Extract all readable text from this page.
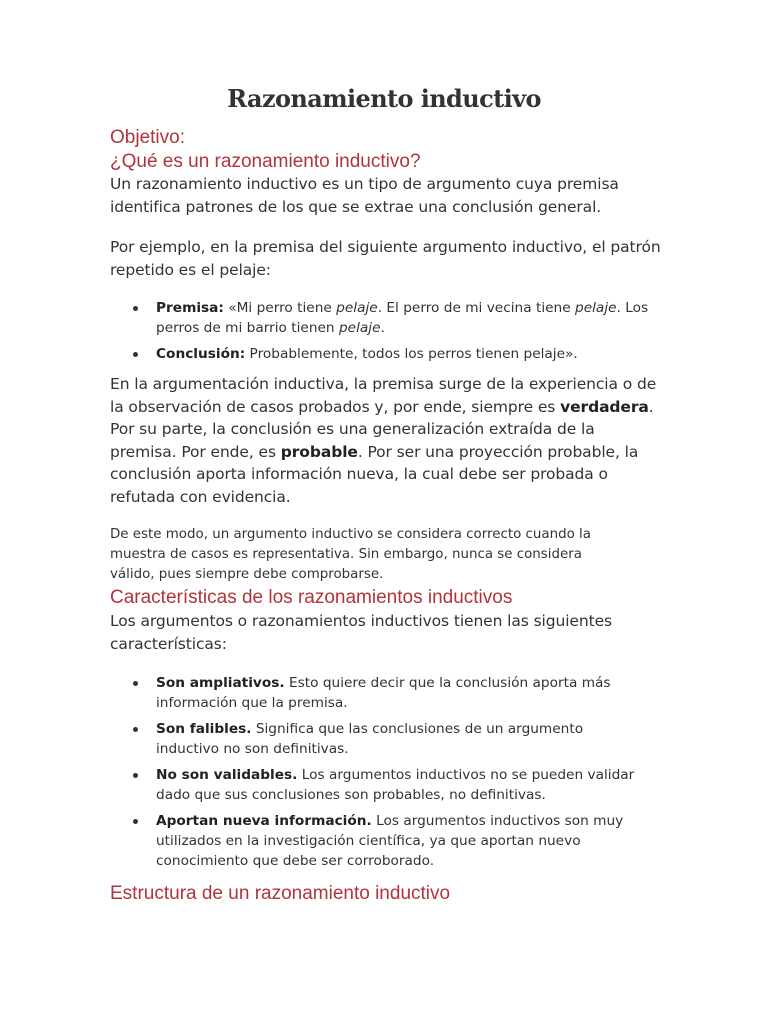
Razonamiento inductivo
Objetivo:
¿Qué es un razonamiento inductivo?

Un razonamiento inductivo es un tipo de argumento cuya premisa identifica patrones de los que se extrae una conclusión general.

Por ejemplo, en la premisa del siguiente argumento inductivo, el patrón repetido es el pelaje:

Premisa: «Mi perro tiene pelaje. El perro de mi vecina tiene pelaje. Los perros de mi barrio tienen pelaje.
Conclusión: Probablemente, todos los perros tienen pelaje».

En la argumentación inductiva, la premisa surge de la experiencia o de la observación de casos probados y, por ende, siempre es verdadera. Por su parte, la conclusión es una generalización extraída de la premisa. Por ende, es probable. Por ser una proyección probable, la conclusión aporta información nueva, la cual debe ser probada o refutada con evidencia.

De este modo, un argumento inductivo se considera correcto cuando la muestra de casos es representativa. Sin embargo, nunca se considera válido, pues siempre debe comprobarse.

Características de los razonamientos inductivos

Los argumentos o razonamientos inductivos tienen las siguientes características:

Son ampliativos. Esto quiere decir que la conclusión aporta más información que la premisa.
Son falibles. Significa que las conclusiones de un argumento inductivo no son definitivas.
No son validables. Los argumentos inductivos no se pueden validar dado que sus conclusiones son probables, no definitivas.
Aportan nueva información. Los argumentos inductivos son muy utilizados en la investigación científica, ya que aportan nuevo conocimiento que debe ser corroborado.
Estructura de un razonamiento inductivo
